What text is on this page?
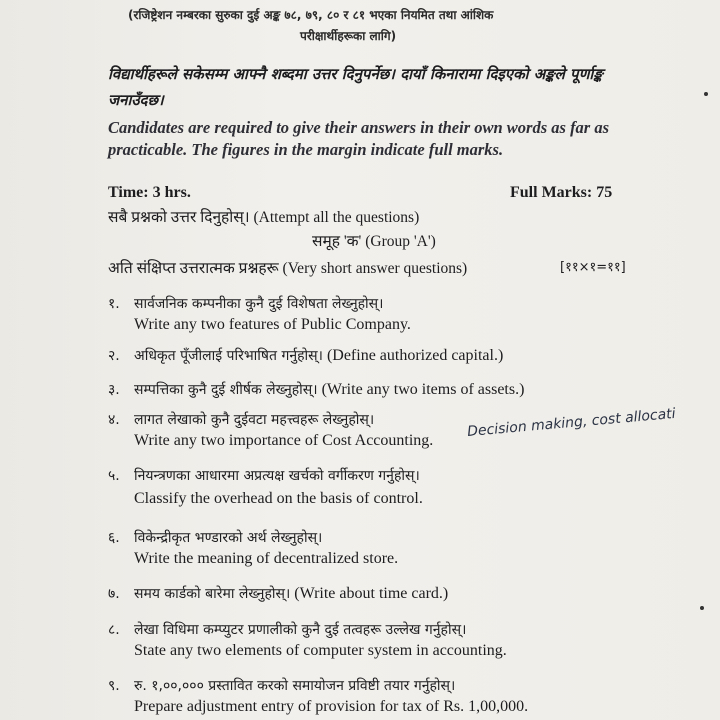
(रजिष्ट्रेशन नम्बरका सुरुका दुई अङ्क ७८, ७९, ८० र ८१ भएका नियमित तथा आंशिक
परीक्षार्थीहरूका लागि)
विद्यार्थीहरूले सकेसम्म आफ्नै शब्दमा उत्तर दिनुपर्नेछ। दायाँ किनारामा दिइएको अङ्कले पूर्णाङ्क
जनाउँदछ।
Candidates are required to give their answers in their own words as far as
practicable. The figures in the margin indicate full marks.
Time: 3 hrs.	Full Marks: 75
सबै प्रश्नको उत्तर दिनुहोस्। (Attempt all the questions)
समूह 'क' (Group 'A')
अति संक्षिप्त उत्तरात्मक प्रश्नहरू (Very short answer questions)	[११×१=११]
१. सार्वजनिक कम्पनीका कुनै दुई विशेषता लेख्नुहोस्।
Write any two features of Public Company.
२. अधिकृत पूँजीलाई परिभाषित गर्नुहोस्। (Define authorized capital.)
३. सम्पत्तिका कुनै दुई शीर्षक लेख्नुहोस्। (Write any two items of assets.)
४. लागत लेखाको कुनै दुईवटा महत्त्वहरू लेख्नुहोस्।
Write any two importance of Cost Accounting.
Decision making, cost allocati
५. नियन्त्रणका आधारमा अप्रत्यक्ष खर्चको वर्गीकरण गर्नुहोस्।
Classify the overhead on the basis of control.
६. विकेन्द्रीकृत भण्डारको अर्थ लेख्नुहोस्।
Write the meaning of decentralized store.
७. समय कार्डको बारेमा लेख्नुहोस्। (Write about time card.)
८. लेखा विधिमा कम्प्युटर प्रणालीको कुनै दुई तत्वहरू उल्लेख गर्नुहोस्।
State any two elements of computer system in accounting.
९. रु. १,००,००० प्रस्तावित करको समायोजन प्रविष्टी तयार गर्नुहोस्।
Prepare adjustment entry of provision for tax of Rs. 1,00,000.
